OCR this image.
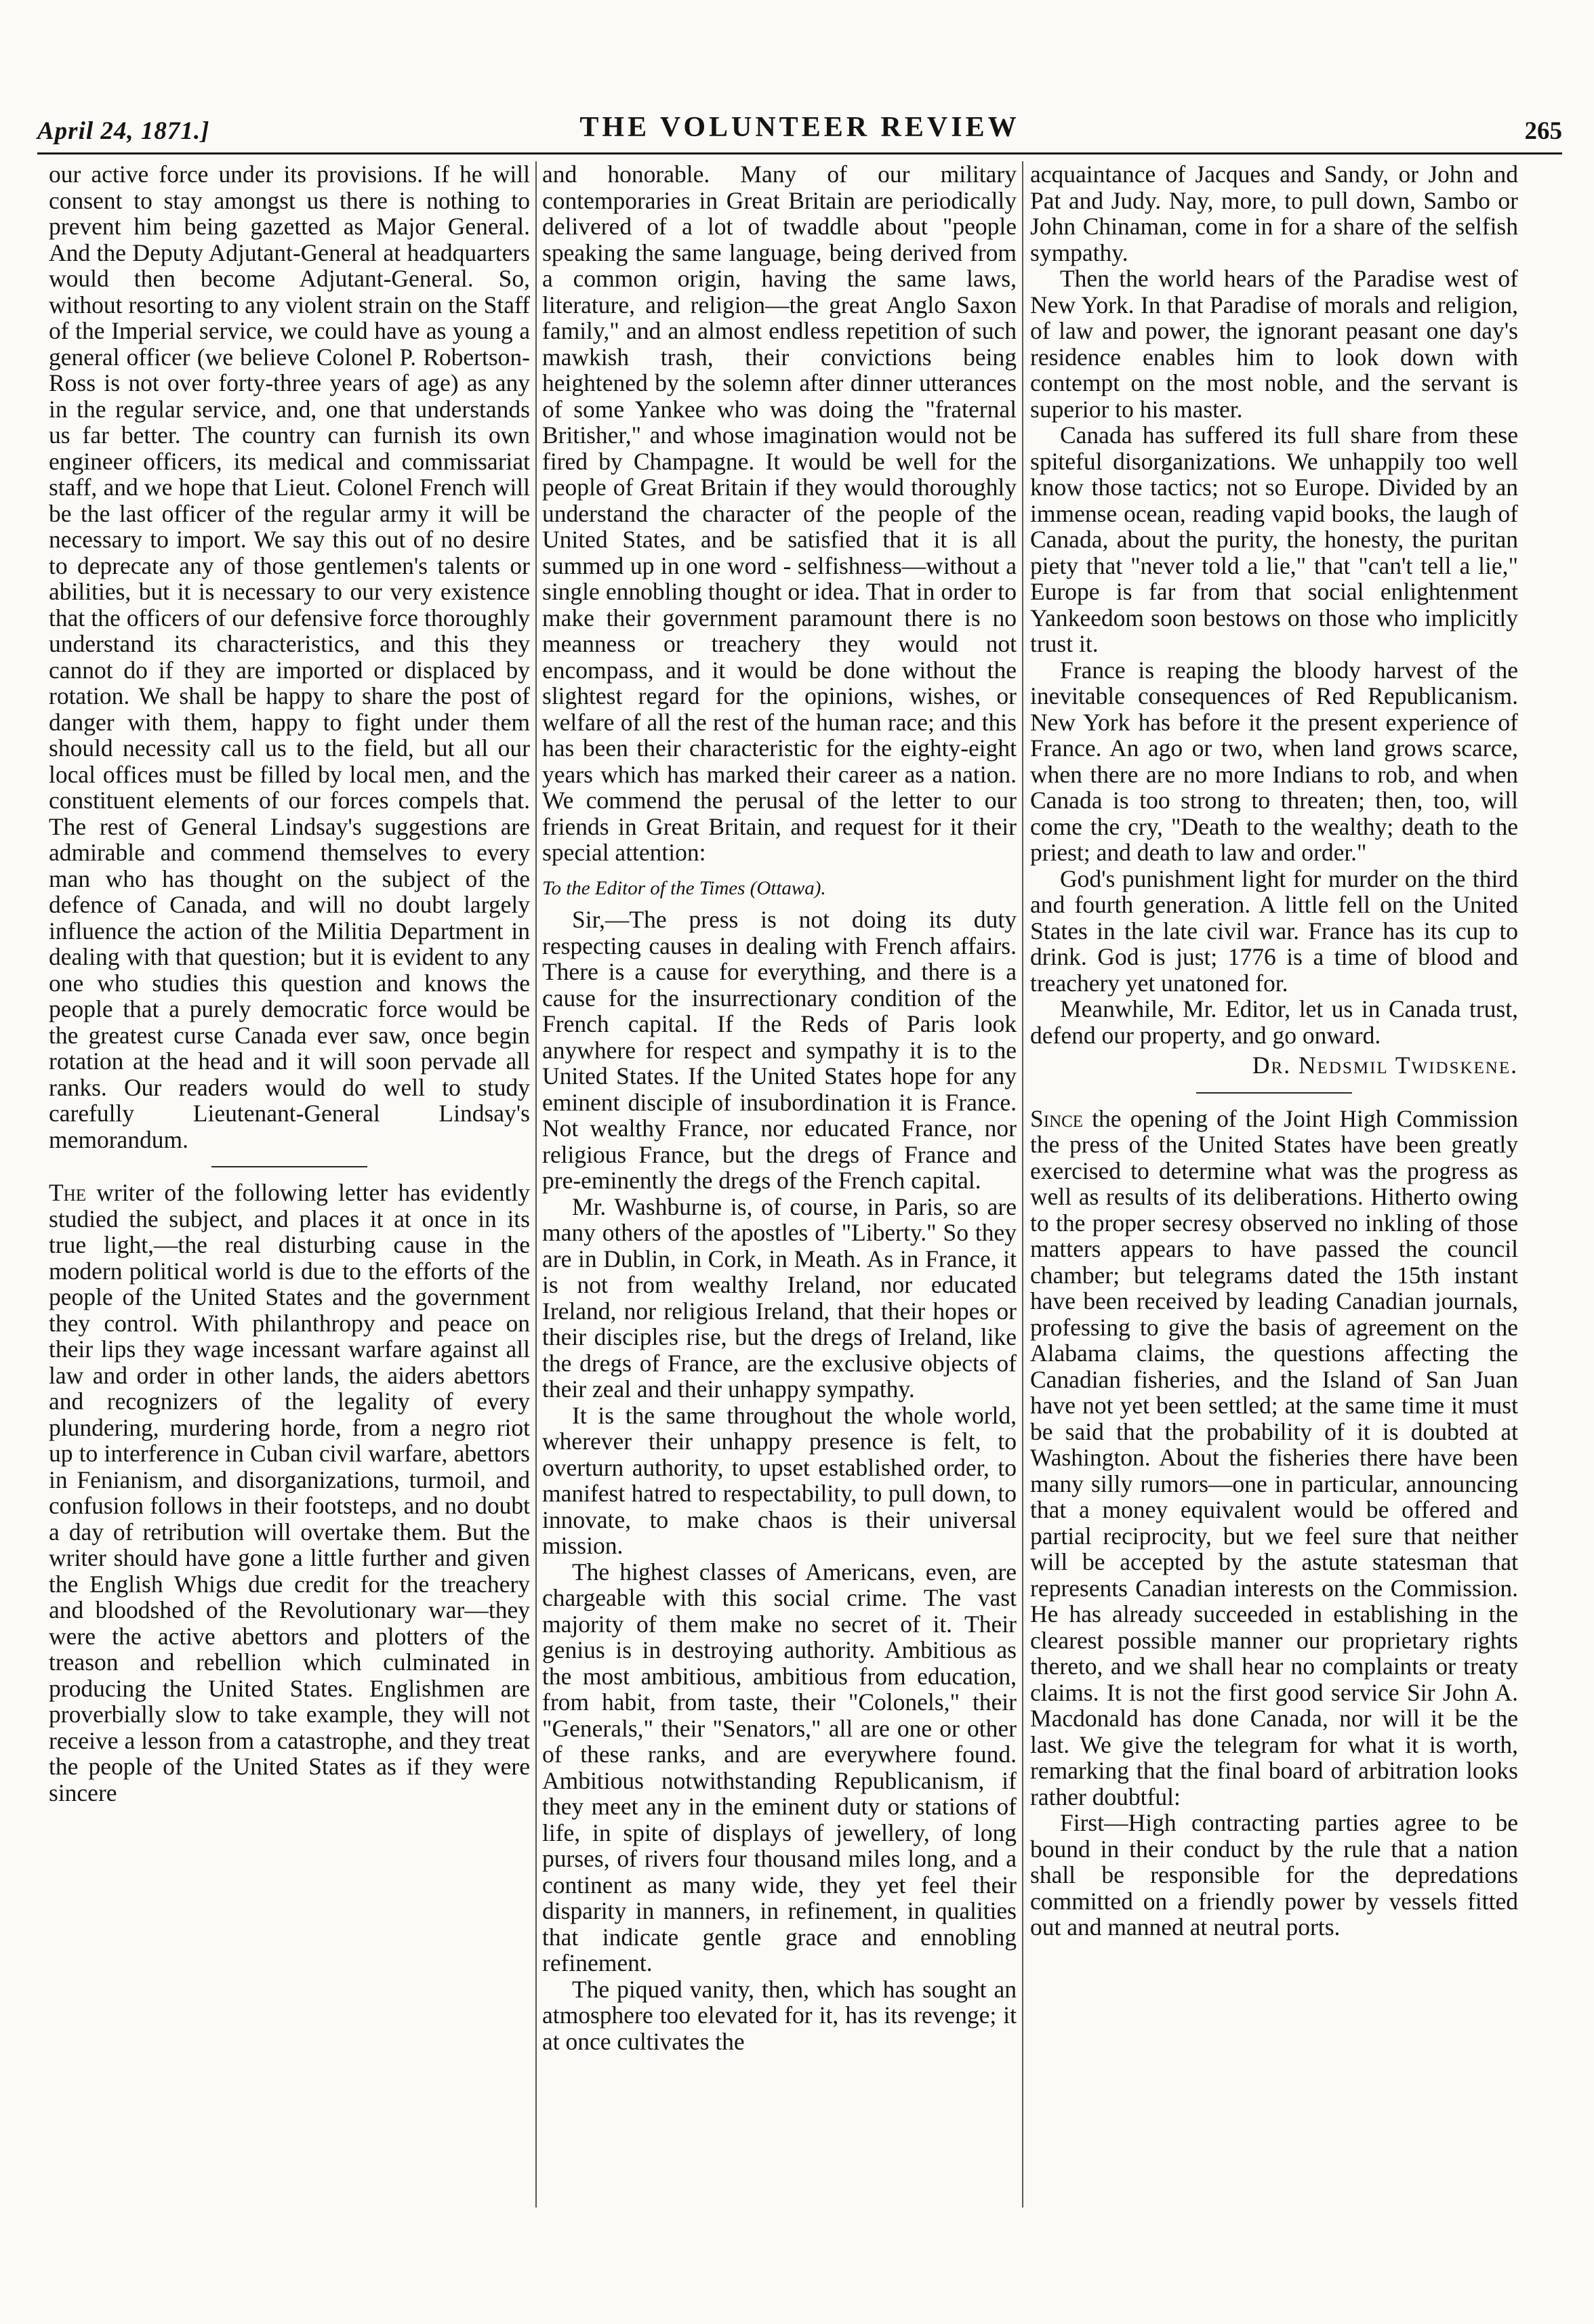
April 24, 1871.]	THE VOLUNTEER REVIEW	265

our active force under its provisions. If he will consent to stay amongst us there is nothing to prevent him being gazetted as Major General. And the Deputy Adjutant-General at headquarters would then become Adjutant-General. So, without resorting to any violent strain on the Staff of the Imperial service, we could have as young a general officer (we believe Colonel P. Robertson-Ross is not over forty-three years of age) as any in the regular service, and, one that understands us far better. The country can furnish its own engineer officers, its medical and commissariat staff, and we hope that Lieut. Colonel French will be the last officer of the regular army it will be necessary to import. We say this out of no desire to deprecate any of those gentlemen's talents or abilities, but it is necessary to our very existence that the officers of our defensive force thoroughly understand its characteristics, and this they cannot do if they are imported or displaced by rotation. We shall be happy to share the post of danger with them, happy to fight under them should necessity call us to the field, but all our local offices must be filled by local men, and the constituent elements of our forces compels that. The rest of General Lindsay's suggestions are admirable and commend themselves to every man who has thought on the subject of the defence of Canada, and will no doubt largely influence the action of the Militia Department in dealing with that question; but it is evident to any one who studies this question and knows the people that a purely democratic force would be the greatest curse Canada ever saw, once begin rotation at the head and it will soon pervade all ranks. Our readers would do well to study carefully Lieutenant-General Lindsay's memorandum.

The writer of the following letter has evidently studied the subject, and places it at once in its true light,—the real disturbing cause in the modern political world is due to the efforts of the people of the United States and the government they control. With philanthropy and peace on their lips they wage incessant warfare against all law and order in other lands, the aiders abettors and recognizers of the legality of every plundering, murdering horde, from a negro riot up to interference in Cuban civil warfare, abettors in Fenianism, and disorganizations, turmoil, and confusion follows in their footsteps, and no doubt a day of retribution will overtake them. But the writer should have gone a little further and given the English Whigs due credit for the treachery and bloodshed of the Revolutionary war—they were the active abettors and plotters of the treason and rebellion which culminated in producing the United States. Englishmen are proverbially slow to take example, they will not receive a lesson from a catastrophe, and they treat the people of the United States as if they were sincere

and honorable. Many of our military contemporaries in Great Britain are periodically delivered of a lot of twaddle about "people speaking the same language, being derived from a common origin, having the same laws, literature, and religion—the great Anglo Saxon family," and an almost endless repetition of such mawkish trash, their convictions being heightened by the solemn after dinner utterances of some Yankee who was doing the "fraternal Britisher," and whose imagination would not be fired by Champagne. It would be well for the people of Great Britain if they would thoroughly understand the character of the people of the United States, and be satisfied that it is all summed up in one word - selfishness—without a single ennobling thought or idea. That in order to make their government paramount there is no meanness or treachery they would not encompass, and it would be done without the slightest regard for the opinions, wishes, or welfare of all the rest of the human race; and this has been their characteristic for the eighty-eight years which has marked their career as a nation. We commend the perusal of the letter to our friends in Great Britain, and request for it their special attention:

To the Editor of the Times (Ottawa).

Sir,—The press is not doing its duty respecting causes in dealing with French affairs. There is a cause for everything, and there is a cause for the insurrectionary condition of the French capital. If the Reds of Paris look anywhere for respect and sympathy it is to the United States. If the United States hope for any eminent disciple of insubordination it is France. Not wealthy France, nor educated France, nor religious France, but the dregs of France and pre-eminently the dregs of the French capital.

Mr. Washburne is, of course, in Paris, so are many others of the apostles of "Liberty." So they are in Dublin, in Cork, in Meath. As in France, it is not from wealthy Ireland, nor educated Ireland, nor religious Ireland, that their hopes or their disciples rise, but the dregs of Ireland, like the dregs of France, are the exclusive objects of their zeal and their unhappy sympathy.

It is the same throughout the whole world, wherever their unhappy presence is felt, to overturn authority, to upset established order, to manifest hatred to respectability, to pull down, to innovate, to make chaos is their universal mission.

The highest classes of Americans, even, are chargeable with this social crime. The vast majority of them make no secret of it. Their genius is in destroying authority. Ambitious as the most ambitious, ambitious from education, from habit, from taste, their "Colonels," their "Generals," their "Senators," all are one or other of these ranks, and are everywhere found. Ambitious notwithstanding Republicanism, if they meet any in the eminent duty or stations of life, in spite of displays of jewellery, of long purses, of rivers four thousand miles long, and a continent as many wide, they yet feel their disparity in manners, in refinement, in qualities that indicate gentle grace and ennobling refinement.

The piqued vanity, then, which has sought an atmosphere too elevated for it, has its revenge; it at once cultivates the

acquaintance of Jacques and Sandy, or John and Pat and Judy. Nay, more, to pull down, Sambo or John Chinaman, come in for a share of the selfish sympathy.

Then the world hears of the Paradise west of New York. In that Paradise of morals and religion, of law and power, the ignorant peasant one day's residence enables him to look down with contempt on the most noble, and the servant is superior to his master.

Canada has suffered its full share from these spiteful disorganizations. We unhappily too well know those tactics; not so Europe. Divided by an immense ocean, reading vapid books, the laugh of Canada, about the purity, the honesty, the puritan piety that "never told a lie," that "can't tell a lie," Europe is far from that social enlightenment Yankeedom soon bestows on those who implicitly trust it.

France is reaping the bloody harvest of the inevitable consequences of Red Republicanism. New York has before it the present experience of France. An ago or two, when land grows scarce, when there are no more Indians to rob, and when Canada is too strong to threaten; then, too, will come the cry, "Death to the wealthy; death to the priest; and death to law and order."

God's punishment light for murder on the third and fourth generation. A little fell on the United States in the late civil war. France has its cup to drink. God is just; 1776 is a time of blood and treachery yet unatoned for.

Meanwhile, Mr. Editor, let us in Canada trust, defend our property, and go onward.

Dr. Nedsmil Twidskene.

Since the opening of the Joint High Commission the press of the United States have been greatly exercised to determine what was the progress as well as results of its deliberations. Hitherto owing to the proper secresy observed no inkling of those matters appears to have passed the council chamber; but telegrams dated the 15th instant have been received by leading Canadian journals, professing to give the basis of agreement on the Alabama claims, the questions affecting the Canadian fisheries, and the Island of San Juan have not yet been settled; at the same time it must be said that the probability of it is doubted at Washington. About the fisheries there have been many silly rumors—one in particular, announcing that a money equivalent would be offered and partial reciprocity, but we feel sure that neither will be accepted by the astute statesman that represents Canadian interests on the Commission. He has already succeeded in establishing in the clearest possible manner our proprietary rights thereto, and we shall hear no complaints or treaty claims. It is not the first good service Sir John A. Macdonald has done Canada, nor will it be the last. We give the telegram for what it is worth, remarking that the final board of arbitration looks rather doubtful:

First—High contracting parties agree to be bound in their conduct by the rule that a nation shall be responsible for the depredations committed on a friendly power by vessels fitted out and manned at neutral ports.
